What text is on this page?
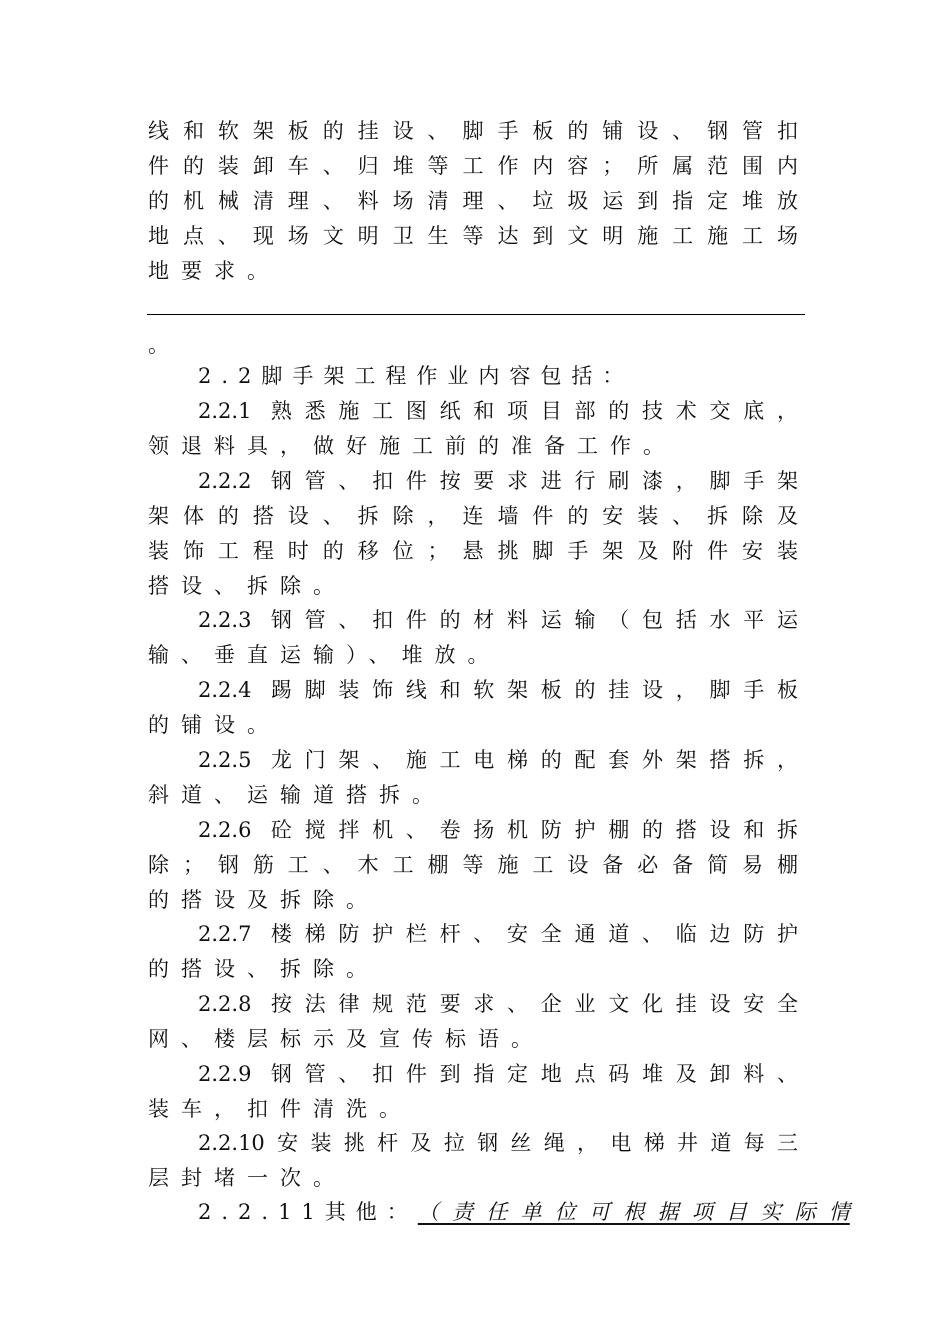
线和软架板的挂设、脚手板的铺设、钢管扣
件的装卸车、归堆等工作内容；所属范围内
的机械清理、料场清理、垃圾运到指定堆放
地点、现场文明卫生等达到文明施工施工场
地要求。
。
2.2脚手架工程作业内容包括：
2.2.1 熟悉施工图纸和项目部的技术交底，
领退料具，做好施工前的准备工作。
2.2.2 钢管、扣件按要求进行刷漆，脚手架
架体的搭设、拆除，连墙件的安装、拆除及
装饰工程时的移位；悬挑脚手架及附件安装
搭设、拆除。
2.2.3 钢管、扣件的材料运输（包括水平运
输、垂直运输）、堆放。
2.2.4 踢脚装饰线和软架板的挂设，脚手板
的铺设。
2.2.5 龙门架、施工电梯的配套外架搭拆，
斜道、运输道搭拆。
2.2.6 砼搅拌机、卷扬机防护棚的搭设和拆
除；钢筋工、木工棚等施工设备必备简易棚
的搭设及拆除。
2.2.7 楼梯防护栏杆、安全通道、临边防护
的搭设、拆除。
2.2.8 按法律规范要求、企业文化挂设安全
网、楼层标示及宣传标语。
2.2.9 钢管、扣件到指定地点码堆及卸料、
装车，扣件清洗。
2.2.10安装挑杆及拉钢丝绳，电梯井道每三
层封堵一次。
2.2.11其他：（责任单位可根据项目实际情
